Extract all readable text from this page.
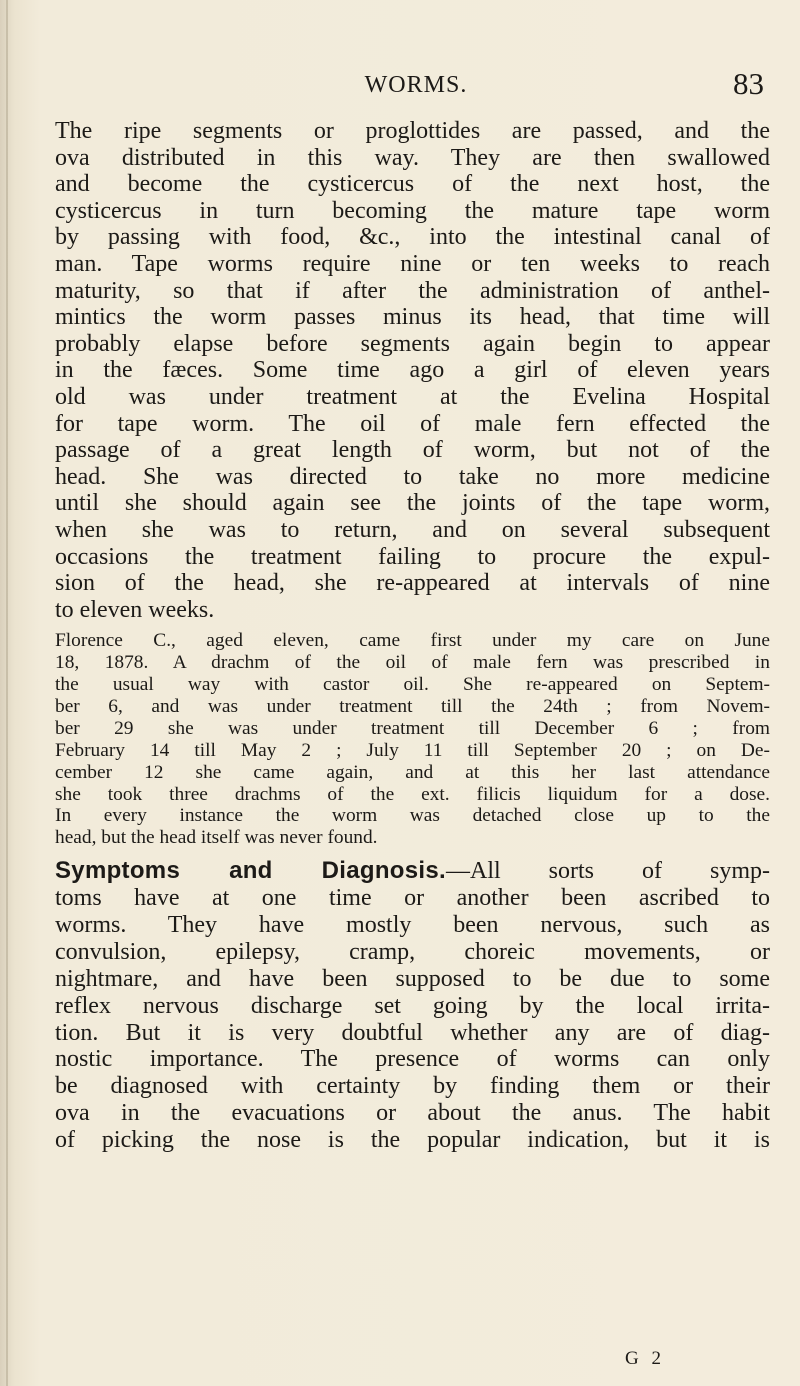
WORMS.	83
The ripe segments or proglottides are passed, and the
ova distributed in this way. They are then swallowed
and become the cysticercus of the next host, the
cysticercus in turn becoming the mature tape worm
by passing with food, &c., into the intestinal canal of
man. Tape worms require nine or ten weeks to reach
maturity, so that if after the administration of anthel-
mintics the worm passes minus its head, that time will
probably elapse before segments again begin to appear
in the fæces. Some time ago a girl of eleven years
old was under treatment at the Evelina Hospital
for tape worm. The oil of male fern effected the
passage of a great length of worm, but not of the
head. She was directed to take no more medicine
until she should again see the joints of the tape worm,
when she was to return, and on several subsequent
occasions the treatment failing to procure the expul-
sion of the head, she re-appeared at intervals of nine
to eleven weeks.
Florence C., aged eleven, came first under my care on June
18, 1878. A drachm of the oil of male fern was prescribed in
the usual way with castor oil. She re-appeared on Septem-
ber 6, and was under treatment till the 24th ; from Novem-
ber 29 she was under treatment till December 6 ; from
February 14 till May 2 ; July 11 till September 20 ; on De-
cember 12 she came again, and at this her last attendance
she took three drachms of the ext. filicis liquidum for a dose.
In every instance the worm was detached close up to the
head, but the head itself was never found.
Symptoms and Diagnosis.—All sorts of symp-
toms have at one time or another been ascribed to
worms. They have mostly been nervous, such as
convulsion, epilepsy, cramp, choreic movements, or
nightmare, and have been supposed to be due to some
reflex nervous discharge set going by the local irrita-
tion. But it is very doubtful whether any are of diag-
nostic importance. The presence of worms can only
be diagnosed with certainty by finding them or their
ova in the evacuations or about the anus. The habit
of picking the nose is the popular indication, but it is
G 2
